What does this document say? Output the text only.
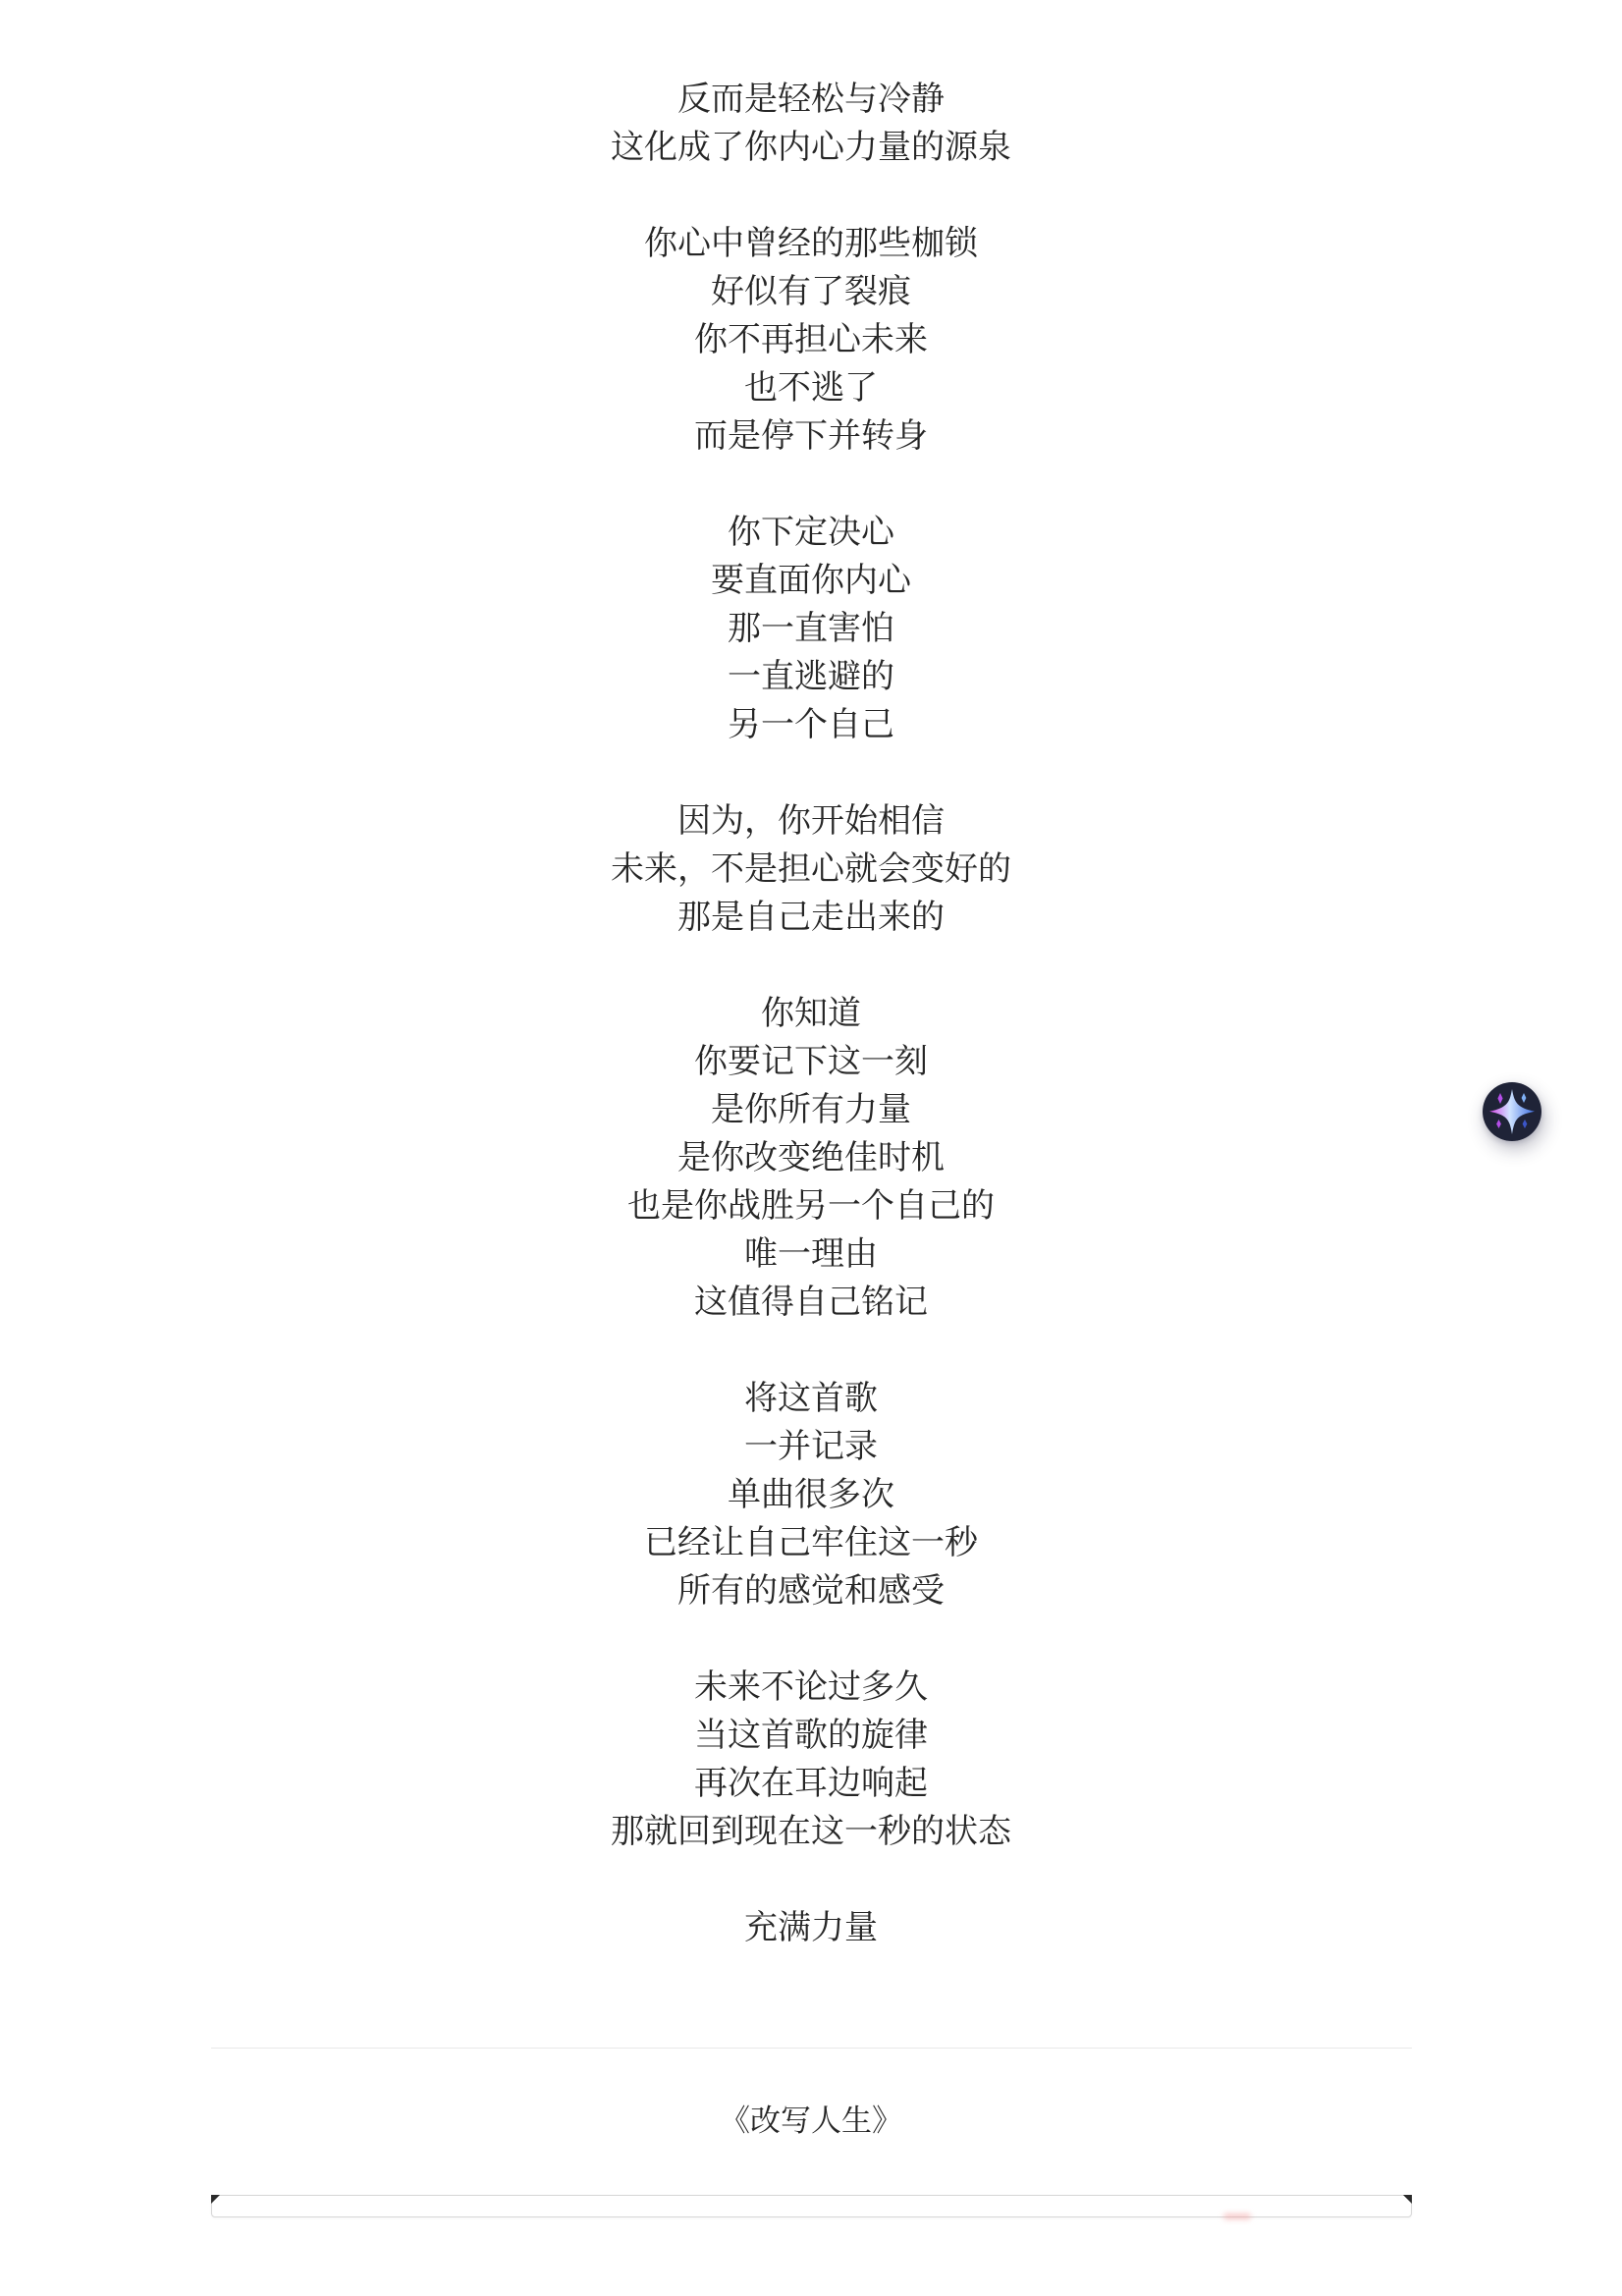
反而是轻松与冷静
这化成了你内心力量的源泉
你心中曾经的那些枷锁
好似有了裂痕
你不再担心未来
也不逃了
而是停下并转身
你下定决心
要直面你内心
那一直害怕
一直逃避的
另一个自己
因为，你开始相信
未来，不是担心就会变好的
那是自己走出来的
你知道
你要记下这一刻
是你所有力量
是你改变绝佳时机
也是你战胜另一个自己的
唯一理由
这值得自己铭记
将这首歌
一并记录
单曲很多次
已经让自己牢住这一秒
所有的感觉和感受
未来不论过多久
当这首歌的旋律
再次在耳边响起
那就回到现在这一秒的状态
充满力量
《改写人生》
